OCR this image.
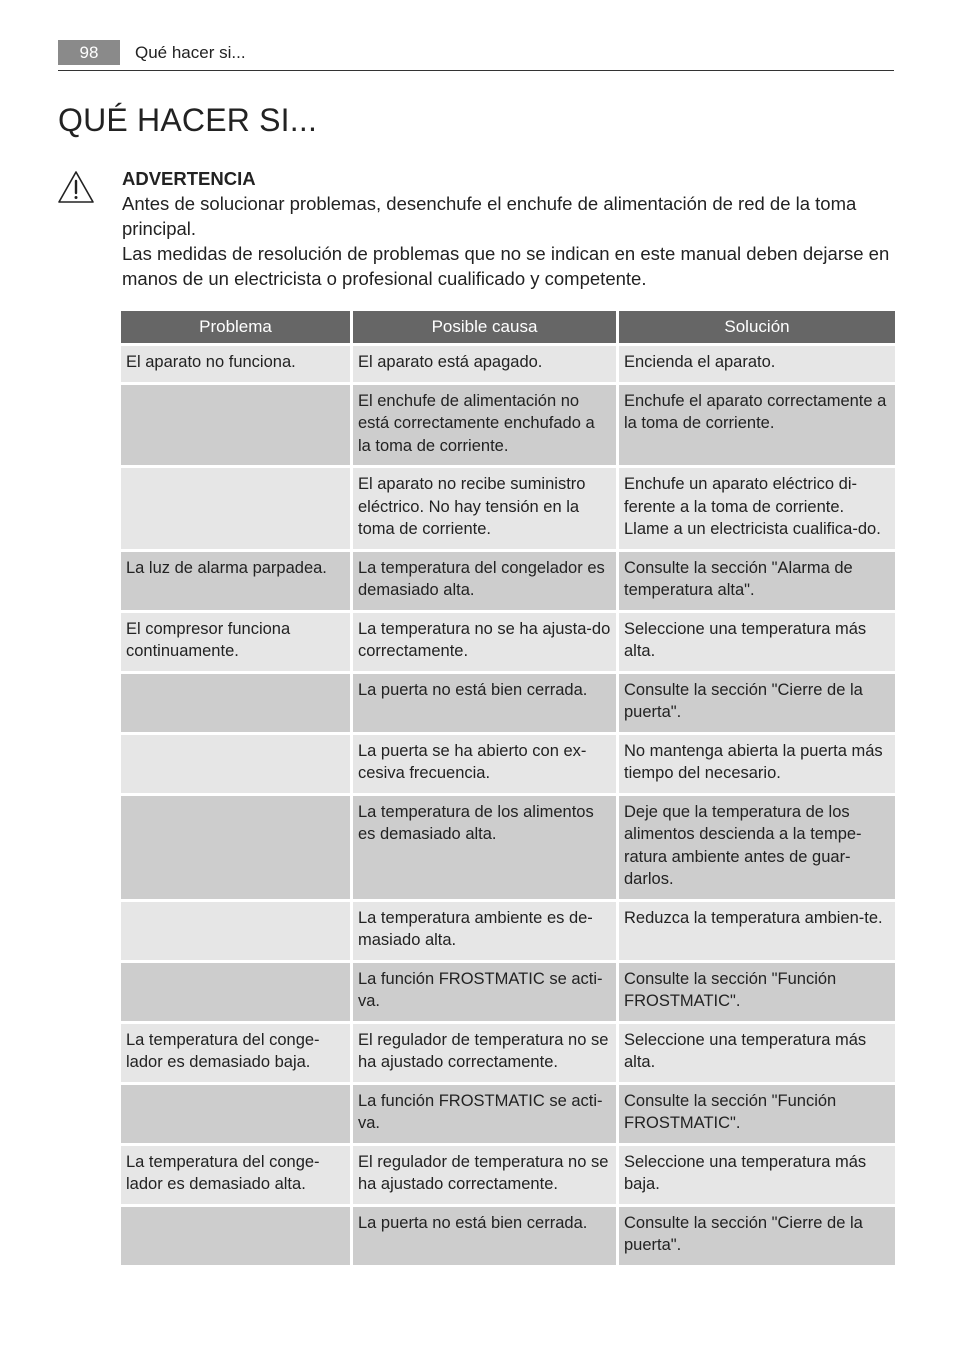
98	Qué hacer si...
QUÉ HACER SI...
ADVERTENCIA

Antes de solucionar problemas, desenchufe el enchufe de alimentación de red de la toma principal.

Las medidas de resolución de problemas que no se indican en este manual deben dejarse en manos de un electricista o profesional cualificado y competente.

Problema	Posible causa	Solución
El aparato no funciona.	El aparato está apagado.	Encienda el aparato.
	El enchufe de alimentación no está correctamente enchufado a la toma de corriente.	Enchufe el aparato correctamente a la toma de corriente.
	El aparato no recibe suministro eléctrico. No hay tensión en la toma de corriente.	Enchufe un aparato eléctrico di-ferente a la toma de corriente. Llame a un electricista cualifica-do.
La luz de alarma parpadea.	La temperatura del congelador es demasiado alta.	Consulte la sección "Alarma de temperatura alta".
El compresor funciona continuamente.	La temperatura no se ha ajusta-do correctamente.	Seleccione una temperatura más alta.
	La puerta no está bien cerrada.	Consulte la sección "Cierre de la puerta".
	La puerta se ha abierto con ex-cesiva frecuencia.	No mantenga abierta la puerta más tiempo del necesario.
	La temperatura de los alimentos es demasiado alta.	Deje que la temperatura de los alimentos descienda a la tempe-ratura ambiente antes de guar-darlos.
	La temperatura ambiente es de-masiado alta.	Reduzca la temperatura ambien-te.
	La función FROSTMATIC se acti-va.	Consulte la sección "Función FROSTMATIC".
La temperatura del conge-lador es demasiado baja.	El regulador de temperatura no se ha ajustado correctamente.	Seleccione una temperatura más alta.
	La función FROSTMATIC se acti-va.	Consulte la sección "Función FROSTMATIC".
La temperatura del conge-lador es demasiado alta.	El regulador de temperatura no se ha ajustado correctamente.	Seleccione una temperatura más baja.
	La puerta no está bien cerrada.	Consulte la sección "Cierre de la puerta".
